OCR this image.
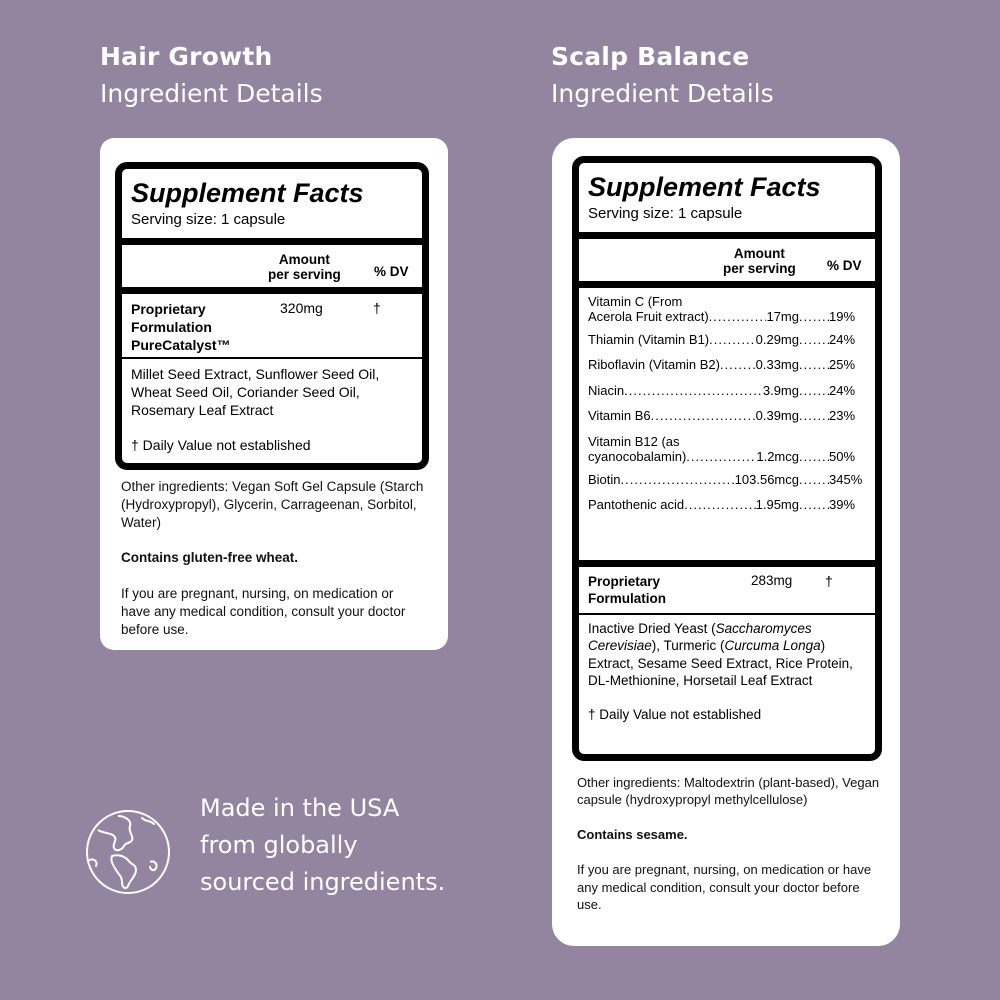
Hair Growth
Ingredient Details
Scalp Balance
Ingredient Details
Supplement Facts
Serving size: 1 capsule
Amount
per serving % DV
Proprietary
Formulation
PureCatalyst™
320mg	†
Millet Seed Extract, Sunflower Seed Oil, Wheat Seed Oil, Coriander Seed Oil, Rosemary Leaf Extract
† Daily Value not established

Other ingredients: Vegan Soft Gel Capsule (Starch (Hydroxypropyl), Glycerin, Carrageenan, Sorbitol, Water)

Contains gluten-free wheat.

If you are pregnant, nursing, on medication or have any medical condition, consult your doctor before use.

Supplement Facts
Serving size: 1 capsule
Amount
per serving % DV
Vitamin C (From
Acerola Fruit extract) .....	17mg ..... 19%
Thiamin (Vitamin B1) .....	0.29mg ..... 24%
Riboflavin (Vitamin B2) .....	0.33mg ..... 25%
Niacin .....	3.9mg ..... 24%
Vitamin B6 .....	0.39mg ..... 23%
Vitamin B12 (as
cyanocobalamin) .....	1.2mcg ..... 50%
Biotin .....	103.56mcg ..... 345%
Pantothenic acid .....	1.95mg ..... 39%
Proprietary
Formulation
283mg †
Inactive Dried Yeast (Saccharomyces Cerevisiae), Turmeric (Curcuma Longa) Extract, Sesame Seed Extract, Rice Protein, DL-Methionine, Horsetail Leaf Extract
† Daily Value not established

Other ingredients: Maltodextrin (plant-based), Vegan capsule (hydroxypropyl methylcellulose)

Contains sesame.

If you are pregnant, nursing, on medication or have any medical condition, consult your doctor before use.

Made in the USA
from globally
sourced ingredients.
